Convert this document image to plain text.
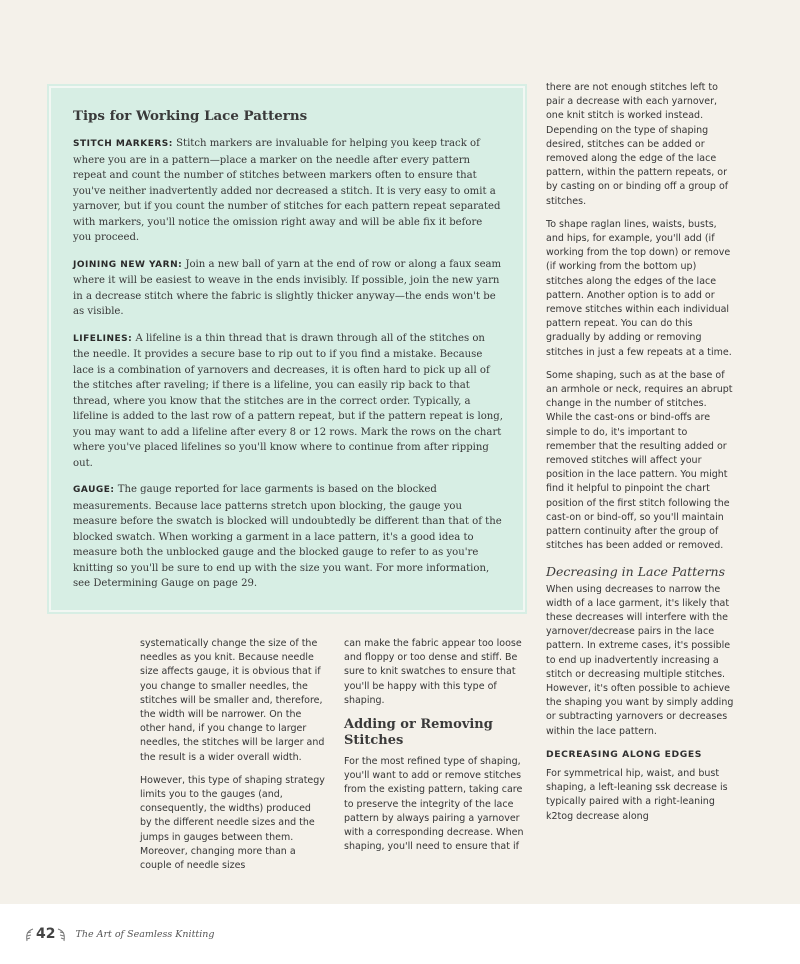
Tips for Working Lace Patterns

STITCH MARKERS: Stitch markers are invaluable for helping you keep track of where you are in a pattern—place a marker on the needle after every pattern repeat and count the number of stitches between markers often to ensure that you've neither inadvertently added nor decreased a stitch. It is very easy to omit a yarnover, but if you count the number of stitches for each pattern repeat separated with markers, you'll notice the omission right away and will be able fix it before you proceed.

JOINING NEW YARN: Join a new ball of yarn at the end of row or along a faux seam where it will be easiest to weave in the ends invisibly. If possible, join the new yarn in a decrease stitch where the fabric is slightly thicker anyway—the ends won't be as visible.

LIFELINES: A lifeline is a thin thread that is drawn through all of the stitches on the needle. It provides a secure base to rip out to if you find a mistake. Because lace is a combination of yarnovers and decreases, it is often hard to pick up all of the stitches after raveling; if there is a lifeline, you can easily rip back to that thread, where you know that the stitches are in the correct order. Typically, a lifeline is added to the last row of a pattern repeat, but if the pattern repeat is long, you may want to add a lifeline after every 8 or 12 rows. Mark the rows on the chart where you've placed lifelines so you'll know where to continue from after ripping out.

GAUGE: The gauge reported for lace garments is based on the blocked measurements. Because lace patterns stretch upon blocking, the gauge you measure before the swatch is blocked will undoubtedly be different than that of the blocked swatch. When working a garment in a lace pattern, it's a good idea to measure both the unblocked gauge and the blocked gauge to refer to as you're knitting so you'll be sure to end up with the size you want. For more information, see Determining Gauge on page 29.

systematically change the size of the needles as you knit. Because needle size affects gauge, it is obvious that if you change to smaller needles, the stitches will be smaller and, therefore, the width will be narrower. On the other hand, if you change to larger needles, the stitches will be larger and the result is a wider overall width.

However, this type of shaping strategy limits you to the gauges (and, consequently, the widths) produced by the different needle sizes and the jumps in gauges between them. Moreover, changing more than a couple of needle sizes

can make the fabric appear too loose and floppy or too dense and stiff. Be sure to knit swatches to ensure that you'll be happy with this type of shaping.

Adding or Removing Stitches

For the most refined type of shaping, you'll want to add or remove stitches from the existing pattern, taking care to preserve the integrity of the lace pattern by always pairing a yarnover with a corresponding decrease. When shaping, you'll need to ensure that if

there are not enough stitches left to pair a decrease with each yarnover, one knit stitch is worked instead. Depending on the type of shaping desired, stitches can be added or removed along the edge of the lace pattern, within the pattern repeats, or by casting on or binding off a group of stitches.

To shape raglan lines, waists, busts, and hips, for example, you'll add (if working from the top down) or remove (if working from the bottom up) stitches along the edges of the lace pattern. Another option is to add or remove stitches within each individual pattern repeat. You can do this gradually by adding or removing stitches in just a few repeats at a time.

Some shaping, such as at the base of an armhole or neck, requires an abrupt change in the number of stitches. While the cast-ons or bind-offs are simple to do, it's important to remember that the resulting added or removed stitches will affect your position in the lace pattern. You might find it helpful to pinpoint the chart position of the first stitch following the cast-on or bind-off, so you'll maintain pattern continuity after the group of stitches has been added or removed.

Decreasing in Lace Patterns

When using decreases to narrow the width of a lace garment, it's likely that these decreases will interfere with the yarnover/decrease pairs in the lace pattern. In extreme cases, it's possible to end up inadvertently increasing a stitch or decreasing multiple stitches. However, it's often possible to achieve the shaping you want by simply adding or subtracting yarnovers or decreases within the lace pattern.

DECREASING ALONG EDGES

For symmetrical hip, waist, and bust shaping, a left-leaning ssk decrease is typically paired with a right-leaning k2tog decrease along

42 The Art of Seamless Knitting
